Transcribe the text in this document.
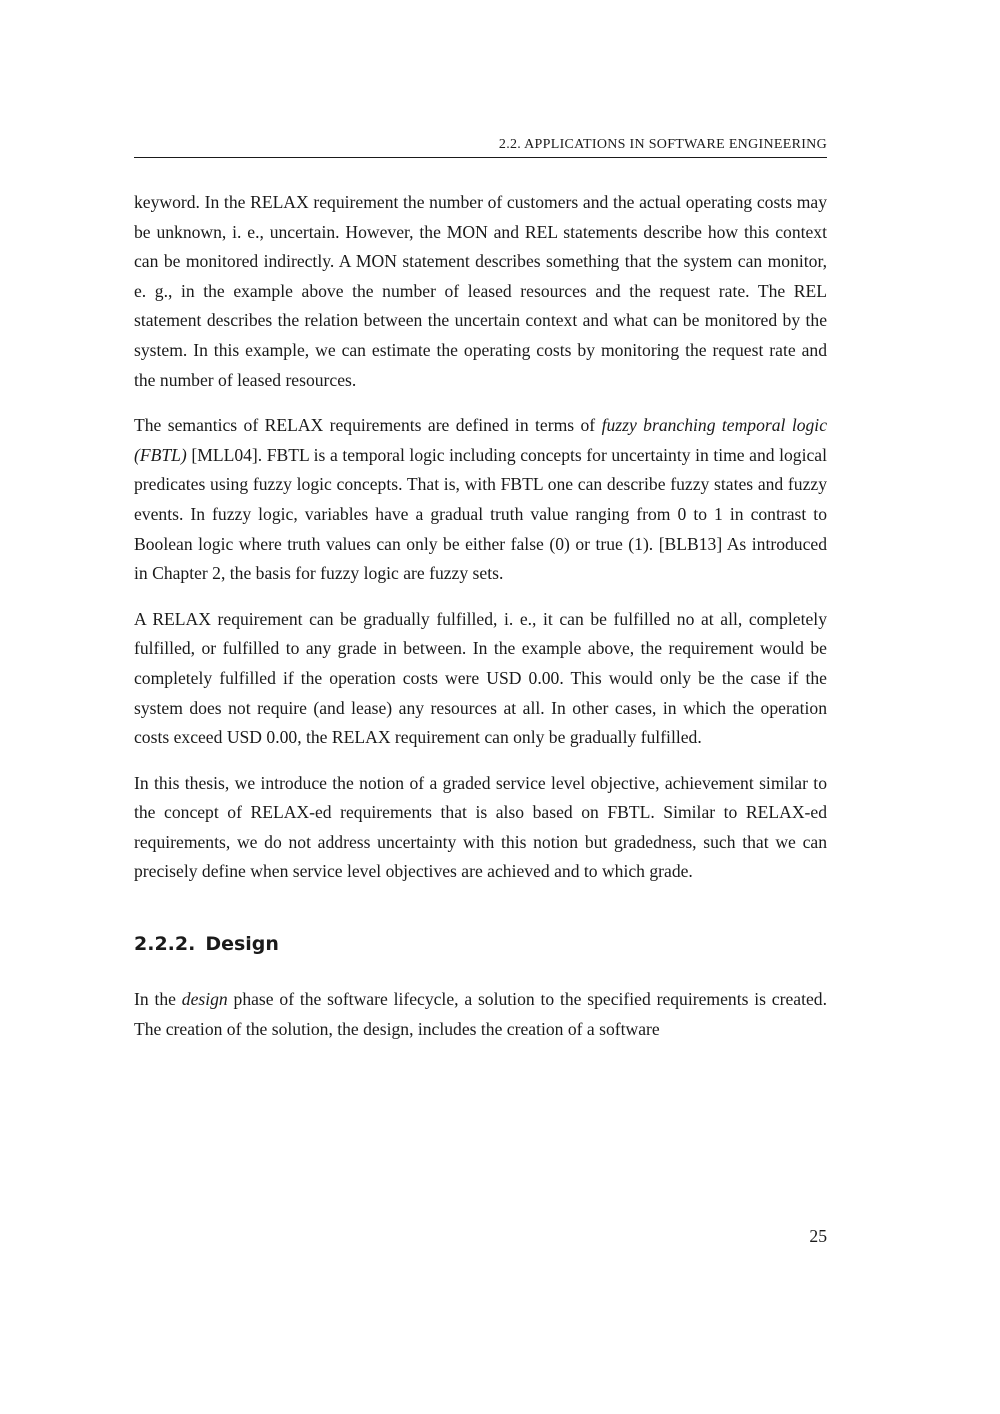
2.2. APPLICATIONS IN SOFTWARE ENGINEERING

keyword. In the RELAX requirement the number of customers and the actual operating costs may be unknown, i. e., uncertain. However, the MON and REL statements describe how this context can be monitored indirectly. A MON statement describes something that the system can monitor, e. g., in the example above the number of leased resources and the request rate. The REL statement describes the relation between the uncertain context and what can be monitored by the system. In this example, we can estimate the operating costs by monitoring the request rate and the number of leased resources.

The semantics of RELAX requirements are defined in terms of fuzzy branching temporal logic (FBTL) [MLL04]. FBTL is a temporal logic including concepts for uncertainty in time and logical predicates using fuzzy logic concepts. That is, with FBTL one can describe fuzzy states and fuzzy events. In fuzzy logic, variables have a gradual truth value ranging from 0 to 1 in contrast to Boolean logic where truth values can only be either false (0) or true (1). [BLB13] As introduced in Chapter 2, the basis for fuzzy logic are fuzzy sets.

A RELAX requirement can be gradually fulfilled, i. e., it can be fulfilled no at all, completely fulfilled, or fulfilled to any grade in between. In the example above, the requirement would be completely fulfilled if the operation costs were USD 0.00. This would only be the case if the system does not require (and lease) any resources at all. In other cases, in which the operation costs exceed USD 0.00, the RELAX requirement can only be gradually fulfilled.

In this thesis, we introduce the notion of a graded service level objective, achievement similar to the concept of RELAX-ed requirements that is also based on FBTL. Similar to RELAX-ed requirements, we do not address uncertainty with this notion but gradedness, such that we can precisely define when service level objectives are achieved and to which grade.

2.2.2. Design

In the design phase of the software lifecycle, a solution to the specified requirements is created. The creation of the solution, the design, includes the creation of a software

25
